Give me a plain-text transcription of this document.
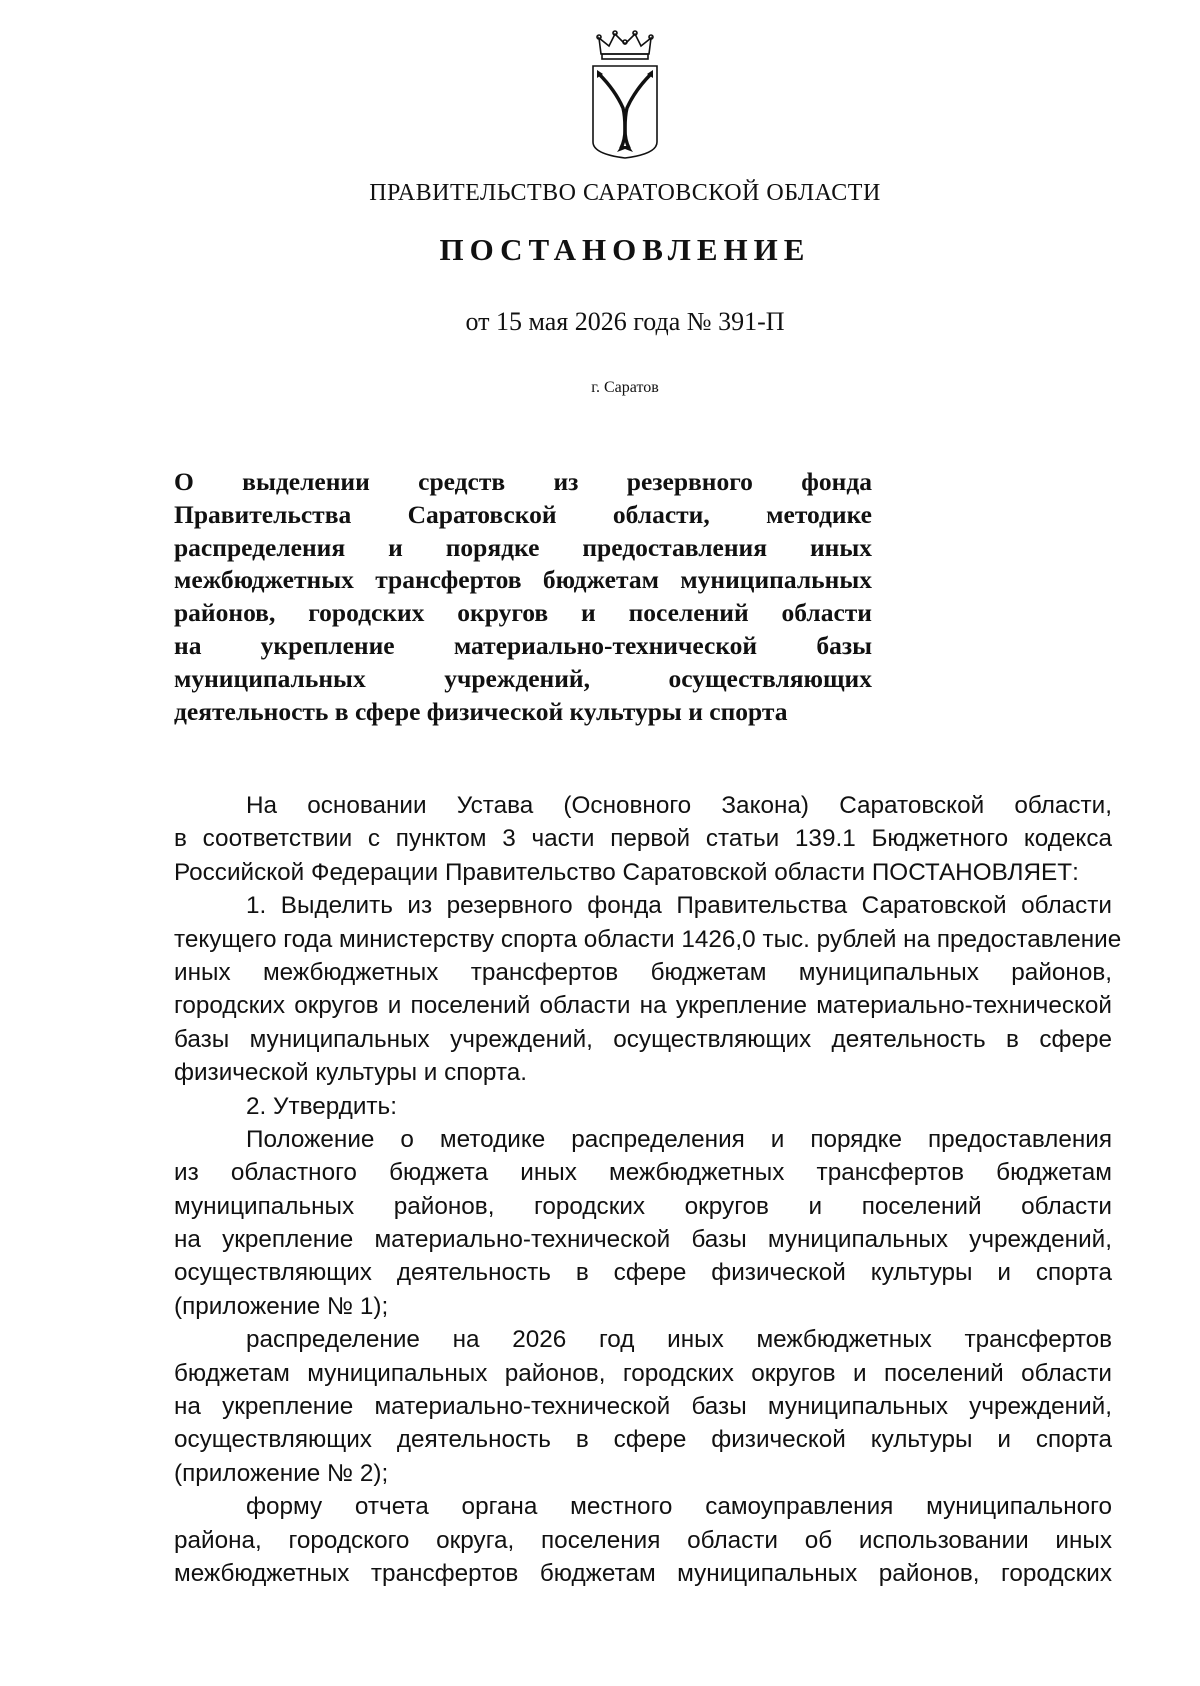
ПРАВИТЕЛЬСТВО САРАТОВСКОЙ ОБЛАСТИ
ПОСТАНОВЛЕНИЕ
от 15 мая 2026 года № 391-П
г. Саратов
О выделении средств из резервного фонда
Правительства Саратовской области, методике
распределения и порядке предоставления иных
межбюджетных трансфертов бюджетам муниципальных
районов, городских округов и поселений области
на укрепление материально-технической базы
муниципальных учреждений, осуществляющих
деятельность в сфере физической культуры и спорта
На основании Устава (Основного Закона) Саратовской области,
в соответствии с пунктом 3 части первой статьи 139.1 Бюджетного кодекса
Российской Федерации Правительство Саратовской области ПОСТАНОВЛЯЕТ:
1. Выделить из резервного фонда Правительства Саратовской области
текущего года министерству спорта области 1426,0 тыс. рублей на предоставление
иных межбюджетных трансфертов бюджетам муниципальных районов,
городских округов и поселений области на укрепление материально-технической
базы муниципальных учреждений, осуществляющих деятельность в сфере
физической культуры и спорта.
2. Утвердить:
Положение о методике распределения и порядке предоставления
из областного бюджета иных межбюджетных трансфертов бюджетам
муниципальных районов, городских округов и поселений области
на укрепление материально-технической базы муниципальных учреждений,
осуществляющих деятельность в сфере физической культуры и спорта
(приложение № 1);
распределение на 2026 год иных межбюджетных трансфертов
бюджетам муниципальных районов, городских округов и поселений области
на укрепление материально-технической базы муниципальных учреждений,
осуществляющих деятельность в сфере физической культуры и спорта
(приложение № 2);
форму отчета органа местного самоуправления муниципального
района, городского округа, поселения области об использовании иных
межбюджетных трансфертов бюджетам муниципальных районов, городских
